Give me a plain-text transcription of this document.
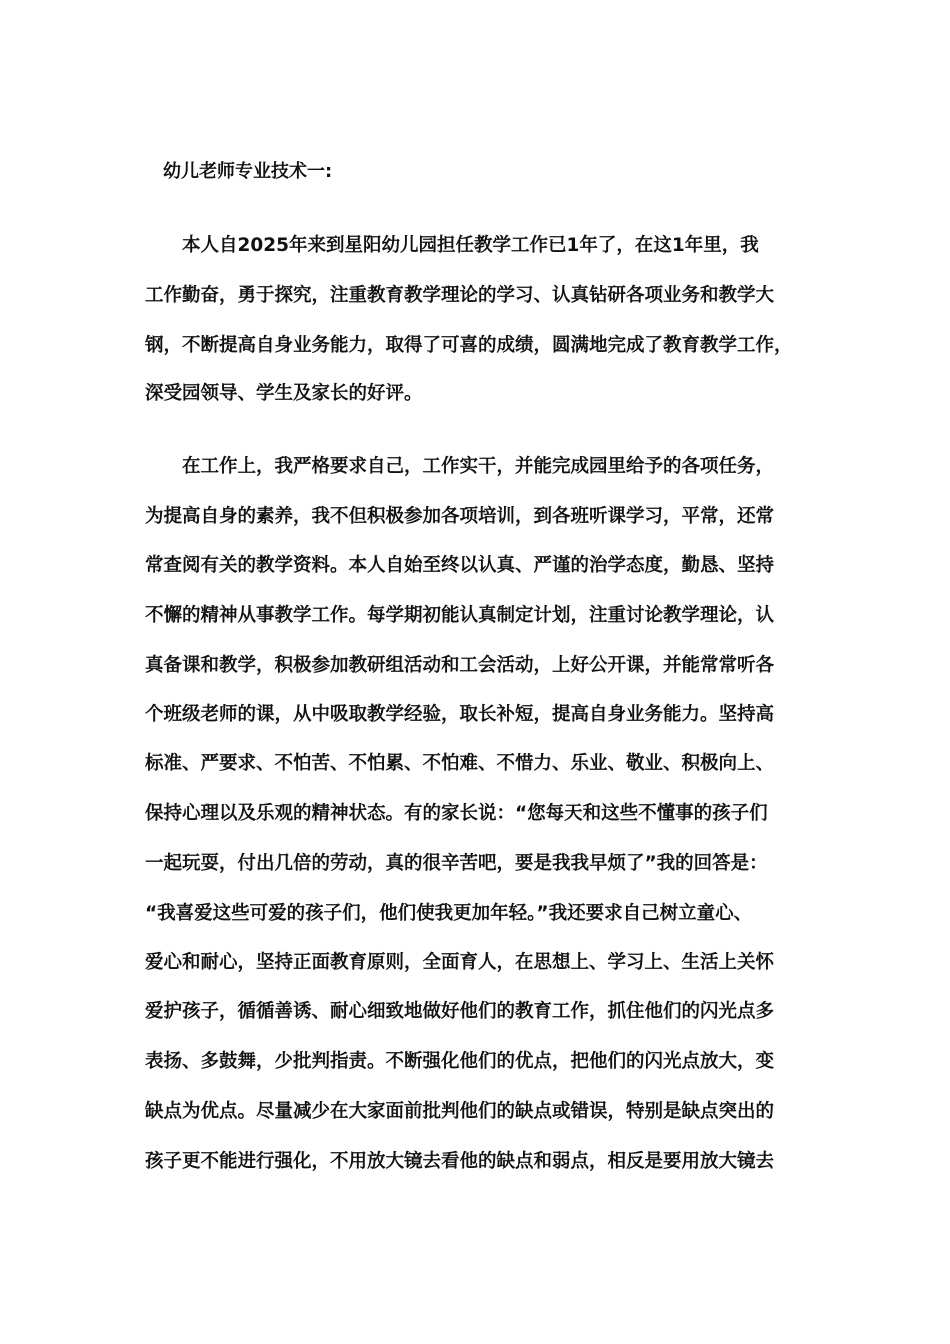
幼儿老师专业技术一:
本人自2025年来到星阳幼儿园担任教学工作已1年了，在这1年里，我
工作勤奋，勇于探究，注重教育教学理论的学习、认真钻研各项业务和教学大
钢，不断提高自身业务能力，取得了可喜的成绩，圆满地完成了教育教学工作，
深受园领导、学生及家长的好评。
在工作上，我严格要求自己，工作实干，并能完成园里给予的各项任务，
为提高自身的素养，我不但积极参加各项培训，到各班听课学习，平常，还常
常查阅有关的教学资料。本人自始至终以认真、严谨的治学态度，勤恳、坚持
不懈的精神从事教学工作。每学期初能认真制定计划，注重讨论教学理论，认
真备课和教学，积极参加教研组活动和工会活动，上好公开课，并能常常听各
个班级老师的课，从中吸取教学经验，取长补短，提高自身业务能力。坚持高
标准、严要求、不怕苦、不怕累、不怕难、不惜力、乐业、敬业、积极向上、
保持心理以及乐观的精神状态。有的家长说：“您每天和这些不懂事的孩子们
一起玩耍，付出几倍的劳动，真的很辛苦吧，要是我我早烦了”我的回答是：
“我喜爱这些可爱的孩子们，他们使我更加年轻。”我还要求自己树立童心、
爱心和耐心，坚持正面教育原则，全面育人，在思想上、学习上、生活上关怀
爱护孩子，循循善诱、耐心细致地做好他们的教育工作，抓住他们的闪光点多
表扬、多鼓舞，少批判指责。不断强化他们的优点，把他们的闪光点放大，变
缺点为优点。尽量减少在大家面前批判他们的缺点或错误，特别是缺点突出的
孩子更不能进行强化，不用放大镜去看他的缺点和弱点，相反是要用放大镜去
